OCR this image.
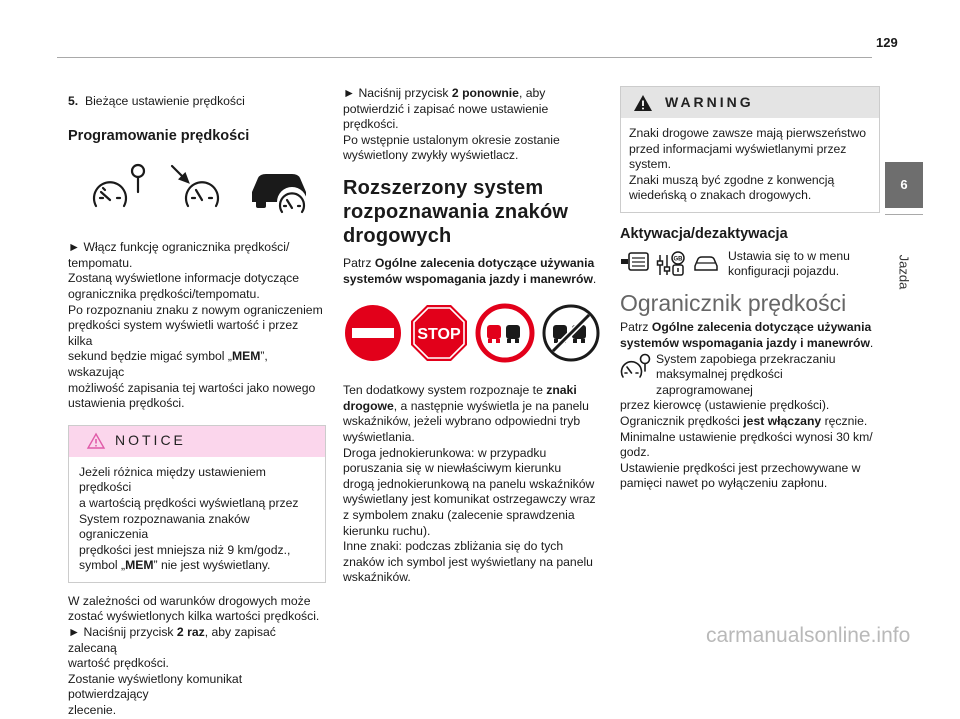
129
6
Jazda

5. Bieżące ustawienie prędkości

Programowanie prędkości

► Włącz funkcję ogranicznika prędkości/

tempomatu.

Zostaną wyświetlone informacje dotyczące

ogranicznika prędkości/tempomatu.

Po rozpoznaniu znaku z nowym ograniczeniem

prędkości system wyświetli wartość i przez kilka

sekund będzie migać symbol „MEM”, wskazując

możliwość zapisania tej wartości jako nowego

ustawienia prędkości.

NOTICE

Jeżeli różnica między ustawieniem prędkości

a wartością prędkości wyświetlaną przez

System rozpoznawania znaków ograniczenia

prędkości jest mniejsza niż 9 km/godz.,

symbol „MEM” nie jest wyświetlany.

W zależności od warunków drogowych może

zostać wyświetlonych kilka wartości prędkości.

► Naciśnij przycisk 2 raz, aby zapisać zalecaną

wartość prędkości.

Zostanie wyświetlony komunikat potwierdzający

zlecenie.

► Naciśnij przycisk 2 ponownie, aby

potwierdzić i zapisać nowe ustawienie prędkości.

Po wstępnie ustalonym okresie zostanie

wyświetlony zwykły wyświetlacz.

Rozszerzony system
rozpoznawania znaków
drogowych

Patrz Ogólne zalecenia dotyczące używania

systemów wspomagania jazdy i manewrów.

STOP

Ten dodatkowy system rozpoznaje te znaki

drogowe, a następnie wyświetla je na panelu

wskaźników, jeżeli wybrano odpowiedni tryb

wyświetlania.

Droga jednokierunkowa: w przypadku

poruszania się w niewłaściwym kierunku

drogą jednokierunkową na panelu wskaźników

wyświetlany jest komunikat ostrzegawczy wraz

z symbolem znaku (zalecenie sprawdzenia

kierunku ruchu).

Inne znaki: podczas zbliżania się do tych

znaków ich symbol jest wyświetlany na panelu

wskaźników.

WARNING

Znaki drogowe zawsze mają pierwszeństwo

przed informacjami wyświetlanymi przez

system.

Znaki muszą być zgodne z konwencją

wiedeńską o znakach drogowych.

Aktywacja/dezaktywacja
GB	Ustawia się to w menu

konfiguracji pojazdu.

Ogranicznik prędkości

Patrz Ogólne zalecenia dotyczące używania

systemów wspomagania jazdy i manewrów.

System zapobiega przekraczaniu

maksymalnej prędkości zaprogramowanej

przez kierowcę (ustawienie prędkości).

Ogranicznik prędkości jest włączany ręcznie.

Minimalne ustawienie prędkości wynosi 30 km/

godz.

Ustawienie prędkości jest przechowywane w

pamięci nawet po wyłączeniu zapłonu.

carmanualsonline.info
